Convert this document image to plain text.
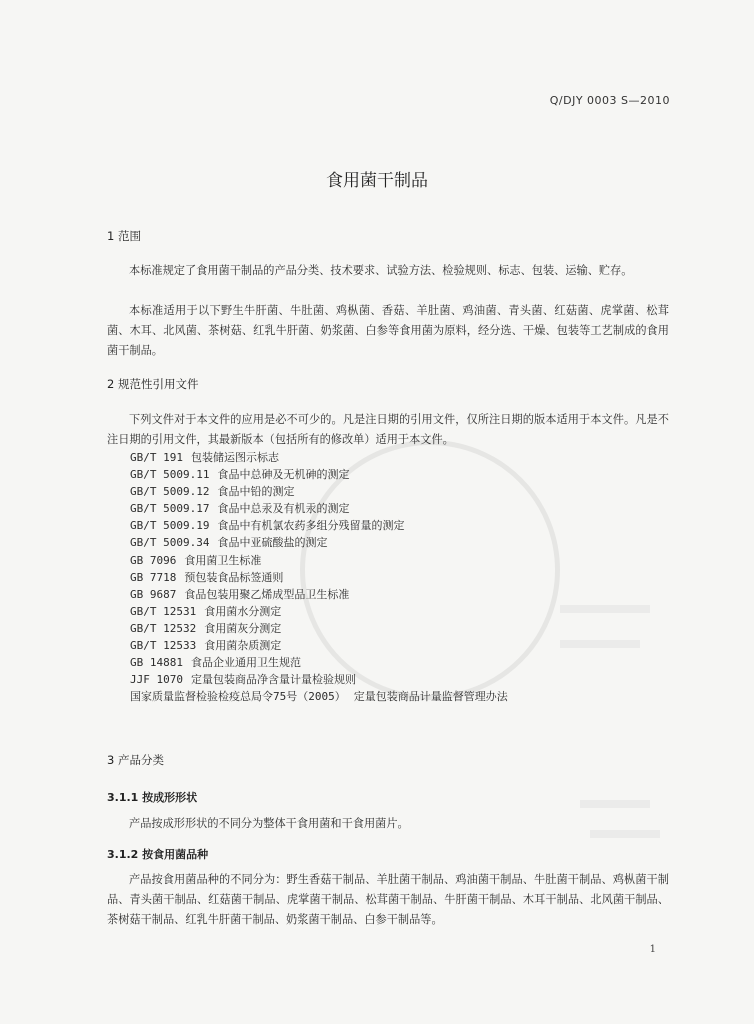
Q/DJY 0003 S—2010
食用菌干制品
1 范围
本标准规定了食用菌干制品的产品分类、技术要求、试验方法、检验规则、标志、包装、运输、贮存。
本标准适用于以下野生牛肝菌、牛肚菌、鸡枞菌、香菇、羊肚菌、鸡油菌、青头菌、红菇菌、虎掌菌、松茸菌、木耳、北风菌、茶树菇、红乳牛肝菌、奶浆菌、白参等食用菌为原料，经分选、干燥、包装等工艺制成的食用菌干制品。
2 规范性引用文件
下列文件对于本文件的应用是必不可少的。凡是注日期的引用文件，仅所注日期的版本适用于本文件。凡是不注日期的引用文件，其最新版本（包括所有的修改单）适用于本文件。
GB/T 191 包装储运图示标志
GB/T 5009.11 食品中总砷及无机砷的测定
GB/T 5009.12 食品中铅的测定
GB/T 5009.17 食品中总汞及有机汞的测定
GB/T 5009.19 食品中有机氯农药多组分残留量的测定
GB/T 5009.34 食品中亚硫酸盐的测定
GB 7096 食用菌卫生标准
GB 7718 预包装食品标签通则
GB 9687 食品包装用聚乙烯成型品卫生标准
GB/T 12531 食用菌水分测定
GB/T 12532 食用菌灰分测定
GB/T 12533 食用菌杂质测定
GB 14881 食品企业通用卫生规范
JJF 1070 定量包装商品净含量计量检验规则
国家质量监督检验检疫总局令75号（2005） 定量包装商品计量监督管理办法
3 产品分类
3.1.1 按成形形状
产品按成形形状的不同分为整体干食用菌和干食用菌片。
3.1.2 按食用菌品种
产品按食用菌品种的不同分为：野生香菇干制品、羊肚菌干制品、鸡油菌干制品、牛肚菌干制品、鸡枞菌干制品、青头菌干制品、红菇菌干制品、虎掌菌干制品、松茸菌干制品、牛肝菌干制品、木耳干制品、北风菌干制品、茶树菇干制品、红乳牛肝菌干制品、奶浆菌干制品、白参干制品等。
1
